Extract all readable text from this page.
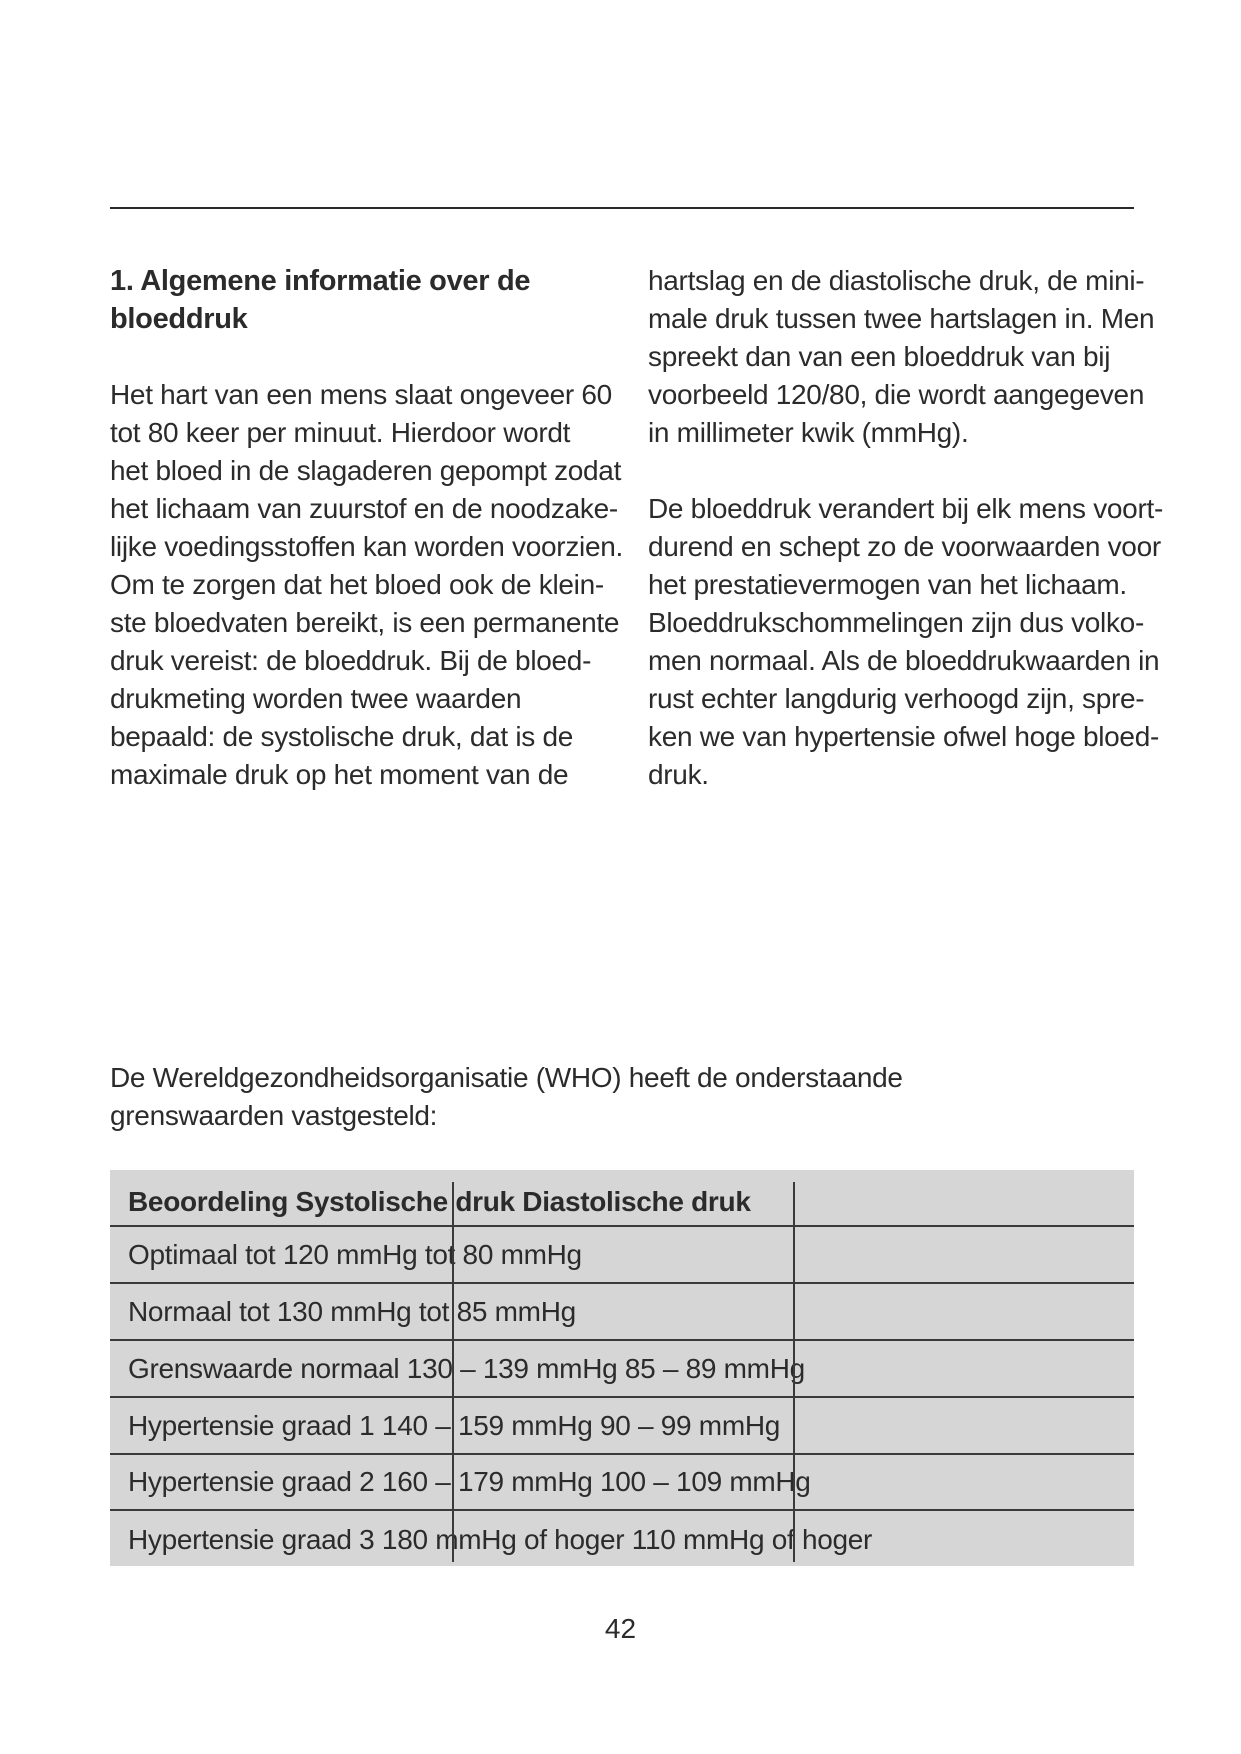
1. Algemene informatie over de
bloeddruk
Het hart van een mens slaat ongeveer 60
tot 80 keer per minuut. Hierdoor wordt
het bloed in de slagaderen gepompt zodat
het lichaam van zuurstof en de noodzake-
lijke voedingsstoffen kan worden voorzien.
Om te zorgen dat het bloed ook de klein-
ste bloedvaten bereikt, is een permanente
druk vereist: de bloeddruk. Bij de bloed-
drukmeting worden twee waarden
bepaald: de systolische druk, dat is de
maximale druk op het moment van de
hartslag en de diastolische druk, de mini-
male druk tussen twee hartslagen in. Men
spreekt dan van een bloeddruk van bij
voorbeeld 120/80, die wordt aangegeven
in millimeter kwik (mmHg).
De bloeddruk verandert bij elk mens voort-
durend en schept zo de voorwaarden voor
het prestatievermogen van het lichaam.
Bloeddrukschommelingen zijn dus volko-
men normaal. Als de bloeddrukwaarden in
rust echter langdurig verhoogd zijn, spre-
ken we van hypertensie ofwel hoge bloed-
druk.
De Wereldgezondheidsorganisatie (WHO) heeft de onderstaande
grenswaarden vastgesteld:
Beoordeling Systolische druk Diastolische druk
Optimaal tot 120 mmHg tot 80 mmHg
Normaal tot 130 mmHg tot 85 mmHg
Grenswaarde normaal 130 – 139 mmHg 85 – 89 mmHg
Hypertensie graad 1 140 – 159 mmHg 90 – 99 mmHg
Hypertensie graad 2 160 – 179 mmHg 100 – 109 mmHg
Hypertensie graad 3 180 mmHg of hoger 110 mmHg of hoger
42
